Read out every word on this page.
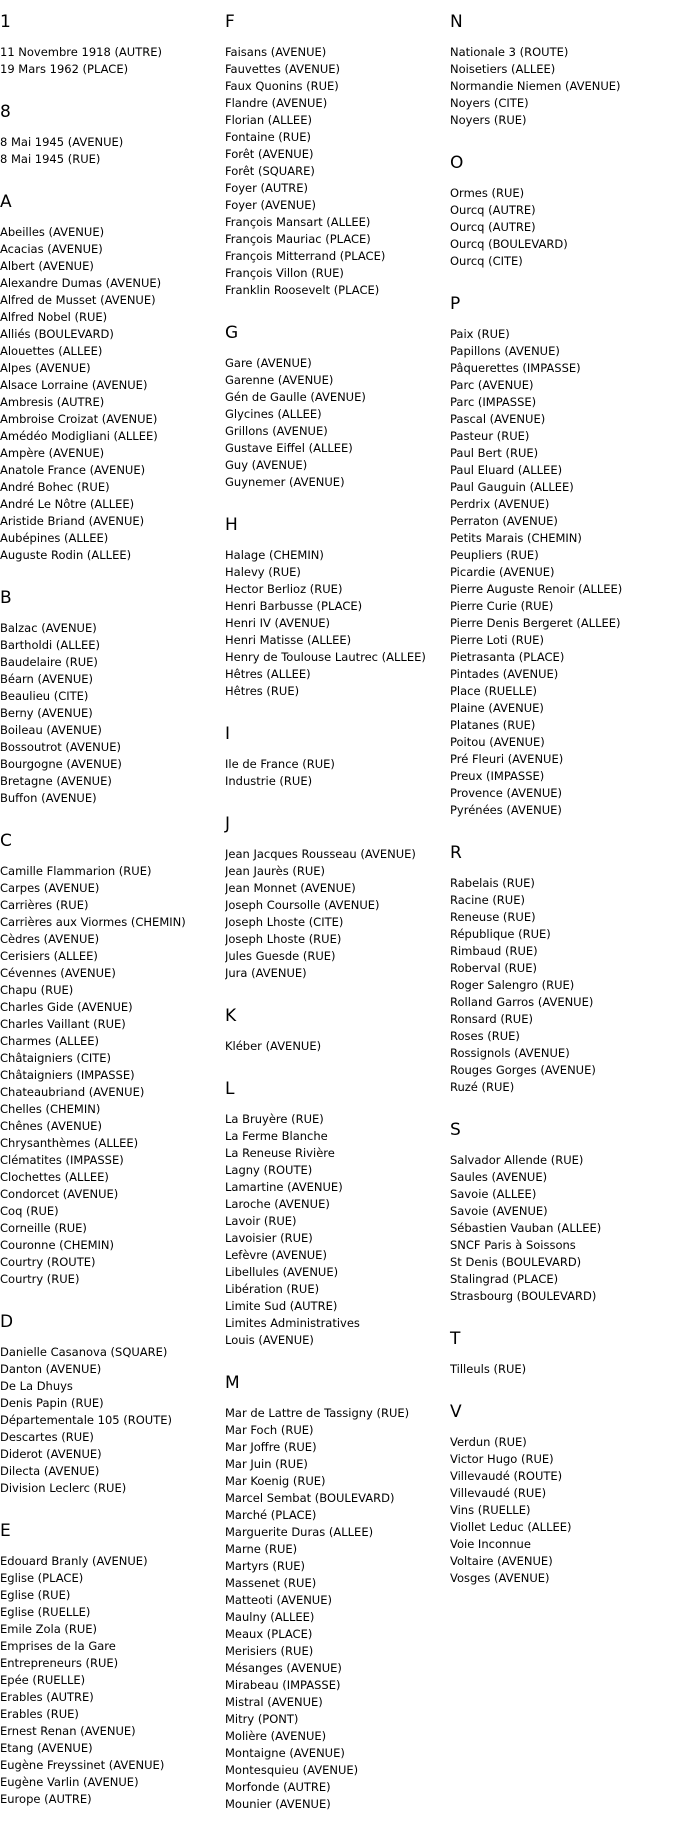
1
11 Novembre 1918 (AUTRE)
19 Mars 1962 (PLACE)
8
8 Mai 1945 (AVENUE)
8 Mai 1945 (RUE)
A
Abeilles (AVENUE)
Acacias (AVENUE)
Albert (AVENUE)
Alexandre Dumas (AVENUE)
Alfred de Musset (AVENUE)
Alfred Nobel (RUE)
Alliés (BOULEVARD)
Alouettes (ALLEE)
Alpes (AVENUE)
Alsace Lorraine (AVENUE)
Ambresis (AUTRE)
Ambroise Croizat (AVENUE)
Amédéo Modigliani (ALLEE)
Ampère (AVENUE)
Anatole France (AVENUE)
André Bohec (RUE)
André Le Nôtre (ALLEE)
Aristide Briand (AVENUE)
Aubépines (ALLEE)
Auguste Rodin (ALLEE)
B
Balzac (AVENUE)
Bartholdi (ALLEE)
Baudelaire (RUE)
Béarn (AVENUE)
Beaulieu (CITE)
Berny (AVENUE)
Boileau (AVENUE)
Bossoutrot (AVENUE)
Bourgogne (AVENUE)
Bretagne (AVENUE)
Buffon (AVENUE)
C
Camille Flammarion (RUE)
Carpes (AVENUE)
Carrières (RUE)
Carrières aux Viormes (CHEMIN)
Cèdres (AVENUE)
Cerisiers (ALLEE)
Cévennes (AVENUE)
Chapu (RUE)
Charles Gide (AVENUE)
Charles Vaillant (RUE)
Charmes (ALLEE)
Châtaigniers (CITE)
Châtaigniers (IMPASSE)
Chateaubriand (AVENUE)
Chelles (CHEMIN)
Chênes (AVENUE)
Chrysanthèmes (ALLEE)
Clématites (IMPASSE)
Clochettes (ALLEE)
Condorcet (AVENUE)
Coq (RUE)
Corneille (RUE)
Couronne (CHEMIN)
Courtry (ROUTE)
Courtry (RUE)
D
Danielle Casanova (SQUARE)
Danton (AVENUE)
De La Dhuys
Denis Papin (RUE)
Départementale 105 (ROUTE)
Descartes (RUE)
Diderot (AVENUE)
Dilecta (AVENUE)
Division Leclerc (RUE)
E
Edouard Branly (AVENUE)
Eglise (PLACE)
Eglise (RUE)
Eglise (RUELLE)
Emile Zola (RUE)
Emprises de la Gare
Entrepreneurs (RUE)
Epée (RUELLE)
Erables (AUTRE)
Erables (RUE)
Ernest Renan (AVENUE)
Etang (AVENUE)
Eugène Freyssinet (AVENUE)
Eugène Varlin (AVENUE)
Europe (AUTRE)
F
Faisans (AVENUE)
Fauvettes (AVENUE)
Faux Quonins (RUE)
Flandre (AVENUE)
Florian (ALLEE)
Fontaine (RUE)
Forêt (AVENUE)
Forêt (SQUARE)
Foyer (AUTRE)
Foyer (AVENUE)
François Mansart (ALLEE)
François Mauriac (PLACE)
François Mitterrand (PLACE)
François Villon (RUE)
Franklin Roosevelt (PLACE)
G
Gare (AVENUE)
Garenne (AVENUE)
Gén de Gaulle (AVENUE)
Glycines (ALLEE)
Grillons (AVENUE)
Gustave Eiffel (ALLEE)
Guy (AVENUE)
Guynemer (AVENUE)
H
Halage (CHEMIN)
Halevy (RUE)
Hector Berlioz (RUE)
Henri Barbusse (PLACE)
Henri IV (AVENUE)
Henri Matisse (ALLEE)
Henry de Toulouse Lautrec (ALLEE)
Hêtres (ALLEE)
Hêtres (RUE)
I
Ile de France (RUE)
Industrie (RUE)
J
Jean Jacques Rousseau (AVENUE)
Jean Jaurès (RUE)
Jean Monnet (AVENUE)
Joseph Coursolle (AVENUE)
Joseph Lhoste (CITE)
Joseph Lhoste (RUE)
Jules Guesde (RUE)
Jura (AVENUE)
K
Kléber (AVENUE)
L
La Bruyère (RUE)
La Ferme Blanche
La Reneuse Rivière
Lagny (ROUTE)
Lamartine (AVENUE)
Laroche (AVENUE)
Lavoir (RUE)
Lavoisier (RUE)
Lefèvre (AVENUE)
Libellules (AVENUE)
Libération (RUE)
Limite Sud (AUTRE)
Limites Administratives
Louis (AVENUE)
M
Mar de Lattre de Tassigny (RUE)
Mar Foch (RUE)
Mar Joffre (RUE)
Mar Juin (RUE)
Mar Koenig (RUE)
Marcel Sembat (BOULEVARD)
Marché (PLACE)
Marguerite Duras (ALLEE)
Marne (RUE)
Martyrs (RUE)
Massenet (RUE)
Matteoti (AVENUE)
Maulny (ALLEE)
Meaux (PLACE)
Merisiers (RUE)
Mésanges (AVENUE)
Mirabeau (IMPASSE)
Mistral (AVENUE)
Mitry (PONT)
Molière (AVENUE)
Montaigne (AVENUE)
Montesquieu (AVENUE)
Morfonde (AUTRE)
Mounier (AVENUE)
N
Nationale 3 (ROUTE)
Noisetiers (ALLEE)
Normandie Niemen (AVENUE)
Noyers (CITE)
Noyers (RUE)
O
Ormes (RUE)
Ourcq (AUTRE)
Ourcq (AUTRE)
Ourcq (BOULEVARD)
Ourcq (CITE)
P
Paix (RUE)
Papillons (AVENUE)
Pâquerettes (IMPASSE)
Parc (AVENUE)
Parc (IMPASSE)
Pascal (AVENUE)
Pasteur (RUE)
Paul Bert (RUE)
Paul Eluard (ALLEE)
Paul Gauguin (ALLEE)
Perdrix (AVENUE)
Perraton (AVENUE)
Petits Marais (CHEMIN)
Peupliers (RUE)
Picardie (AVENUE)
Pierre Auguste Renoir (ALLEE)
Pierre Curie (RUE)
Pierre Denis Bergeret (ALLEE)
Pierre Loti (RUE)
Pietrasanta (PLACE)
Pintades (AVENUE)
Place (RUELLE)
Plaine (AVENUE)
Platanes (RUE)
Poitou (AVENUE)
Pré Fleuri (AVENUE)
Preux (IMPASSE)
Provence (AVENUE)
Pyrénées (AVENUE)
R
Rabelais (RUE)
Racine (RUE)
Reneuse (RUE)
République (RUE)
Rimbaud (RUE)
Roberval (RUE)
Roger Salengro (RUE)
Rolland Garros (AVENUE)
Ronsard (RUE)
Roses (RUE)
Rossignols (AVENUE)
Rouges Gorges (AVENUE)
Ruzé (RUE)
S
Salvador Allende (RUE)
Saules (AVENUE)
Savoie (ALLEE)
Savoie (AVENUE)
Sébastien Vauban (ALLEE)
SNCF Paris à Soissons
St Denis (BOULEVARD)
Stalingrad (PLACE)
Strasbourg (BOULEVARD)
T
Tilleuls (RUE)
V
Verdun (RUE)
Victor Hugo (RUE)
Villevaudé (ROUTE)
Villevaudé (RUE)
Vins (RUELLE)
Viollet Leduc (ALLEE)
Voie Inconnue
Voltaire (AVENUE)
Vosges (AVENUE)
